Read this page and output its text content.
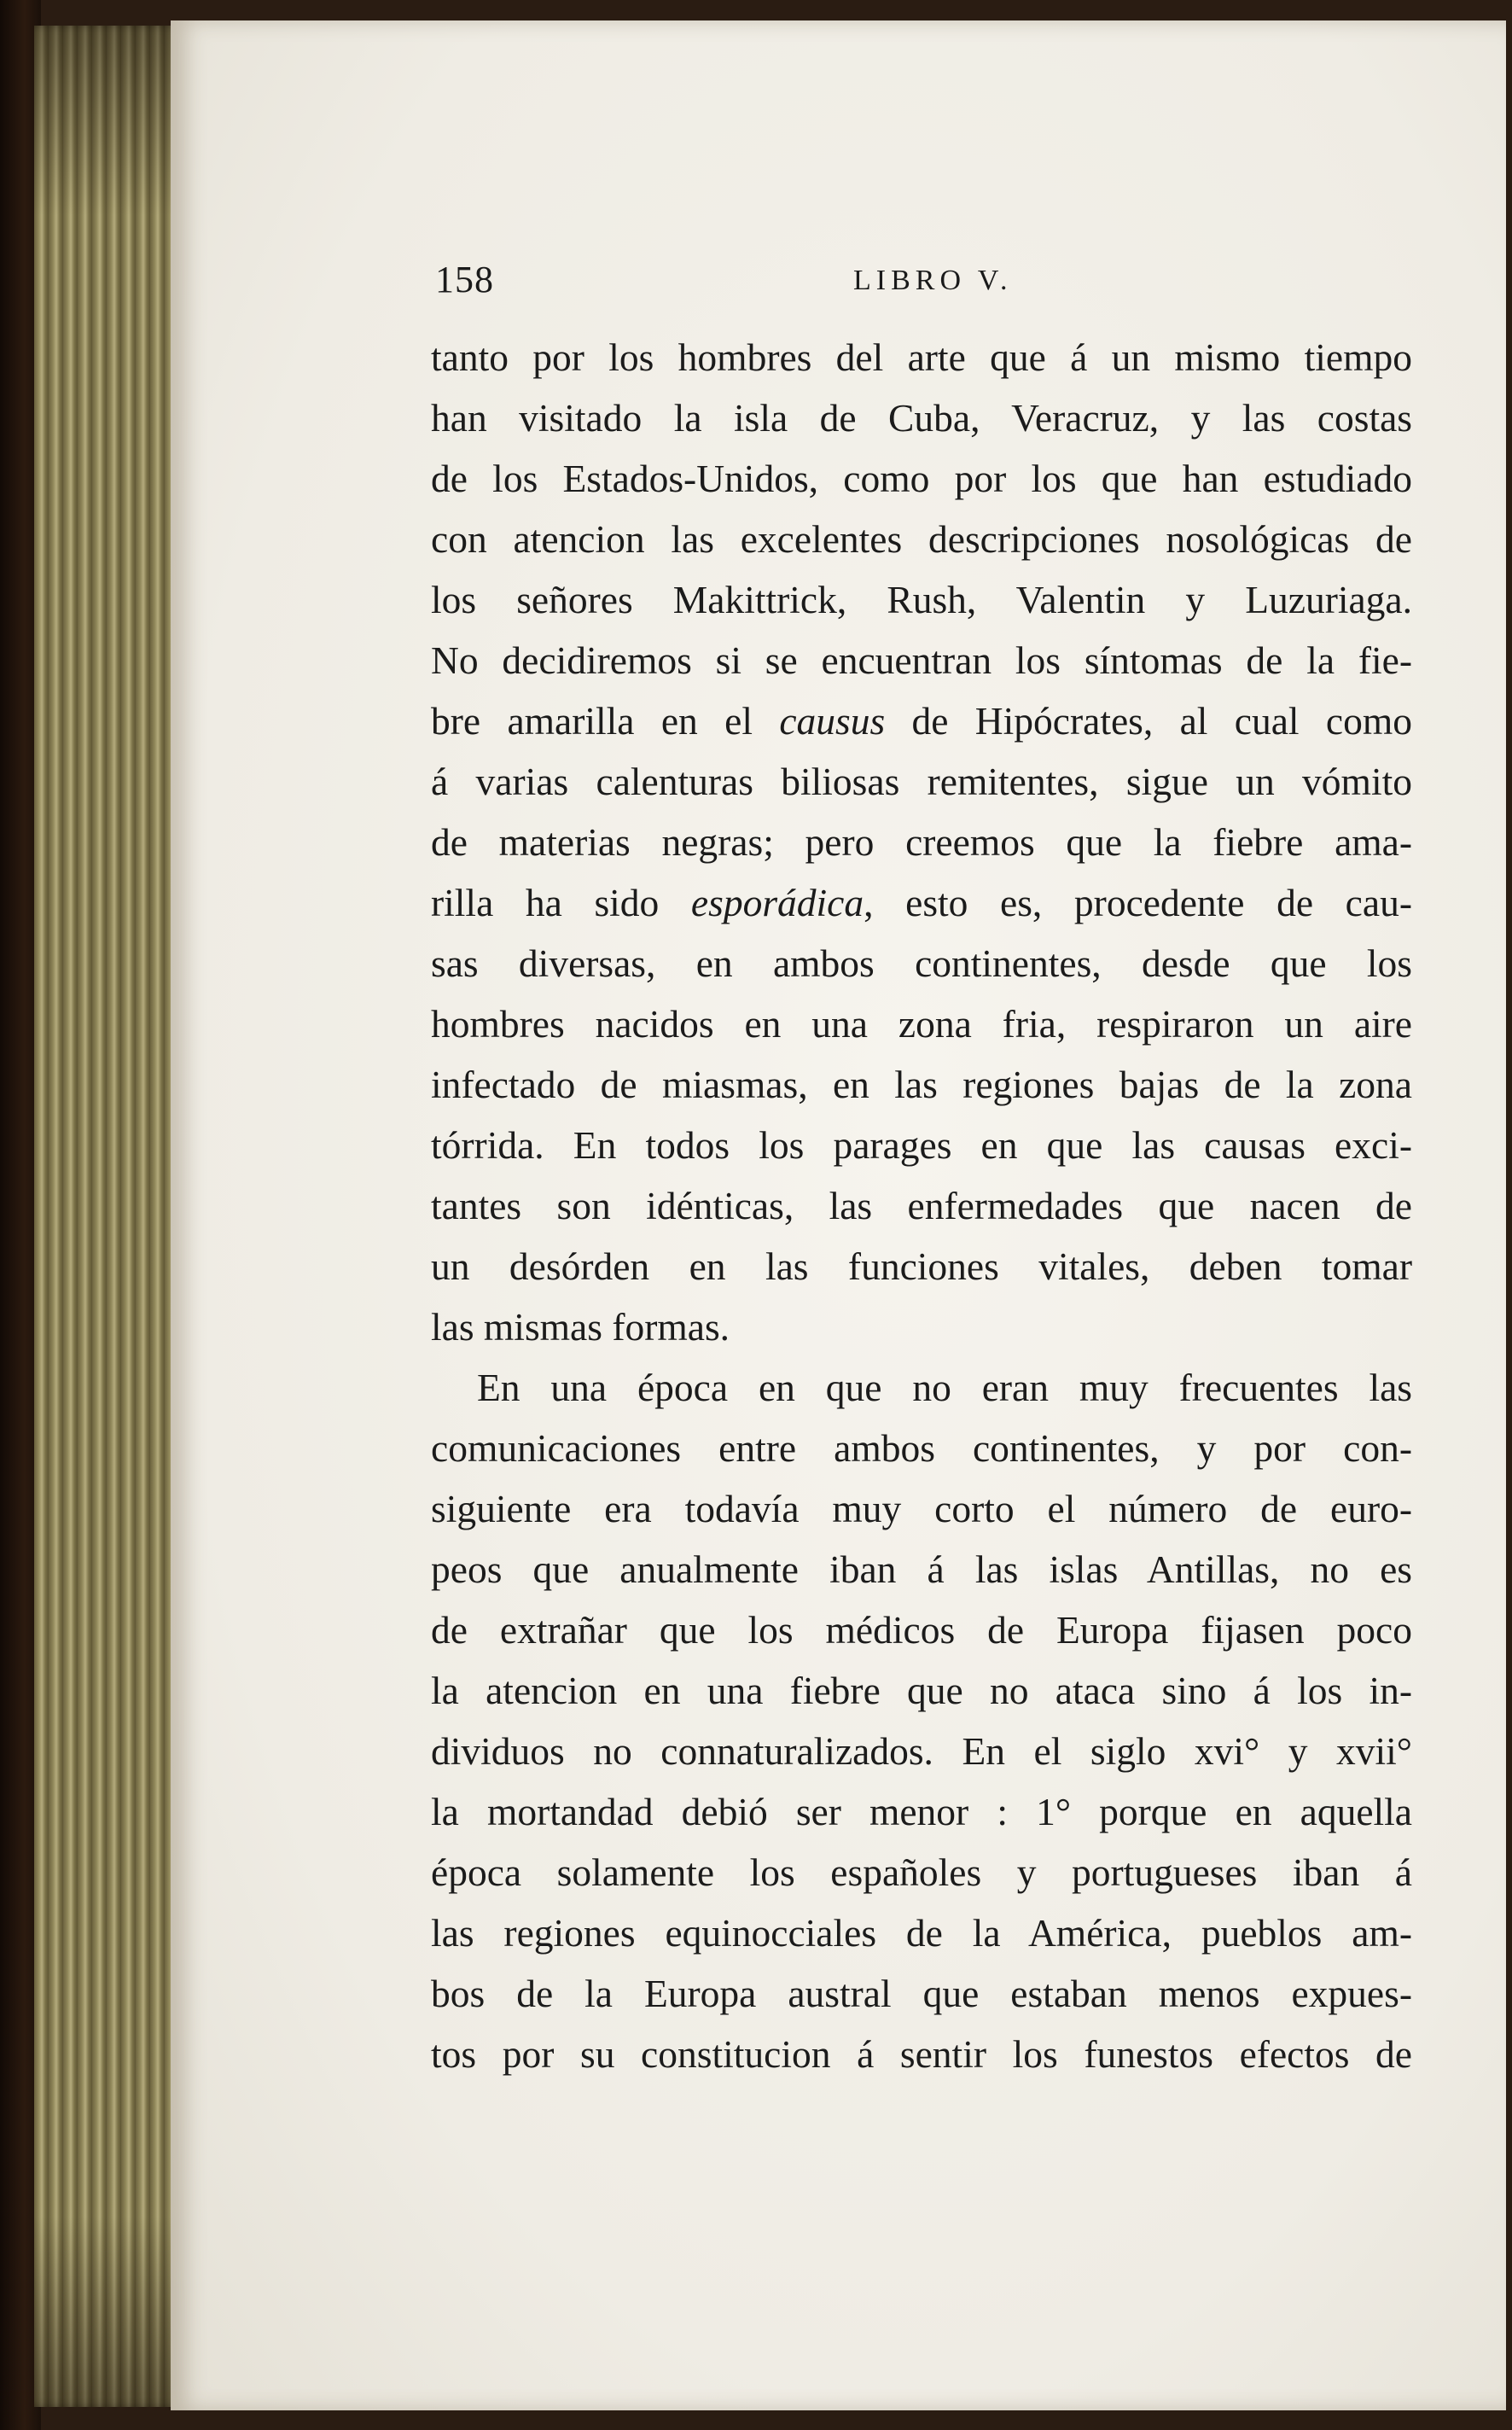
158	LIBRO V.
tanto por los hombres del arte que á un mismo tiempo
han visitado la isla de Cuba, Veracruz, y las costas
de los Estados-Unidos, como por los que han estudiado
con atencion las excelentes descripciones nosológicas de
los señores Makittrick, Rush, Valentin y Luzuriaga.
No decidiremos si se encuentran los síntomas de la fie-
bre amarilla en el causus de Hipócrates, al cual como
á varias calenturas biliosas remitentes, sigue un vómito
de materias negras; pero creemos que la fiebre ama-
rilla ha sido esporádica, esto es, procedente de cau-
sas diversas, en ambos continentes, desde que los
hombres nacidos en una zona fria, respiraron un aire
infectado de miasmas, en las regiones bajas de la zona
tórrida. En todos los parages en que las causas exci-
tantes son idénticas, las enfermedades que nacen de
un desórden en las funciones vitales, deben tomar
las mismas formas.
En una época en que no eran muy frecuentes las
comunicaciones entre ambos continentes, y por con-
siguiente era todavía muy corto el número de euro-
peos que anualmente iban á las islas Antillas, no es
de extrañar que los médicos de Europa fijasen poco
la atencion en una fiebre que no ataca sino á los in-
dividuos no connaturalizados. En el siglo xvi° y xvii°
la mortandad debió ser menor : 1° porque en aquella
época solamente los españoles y portugueses iban á
las regiones equinocciales de la América, pueblos am-
bos de la Europa austral que estaban menos expues-
tos por su constitucion á sentir los funestos efectos de
